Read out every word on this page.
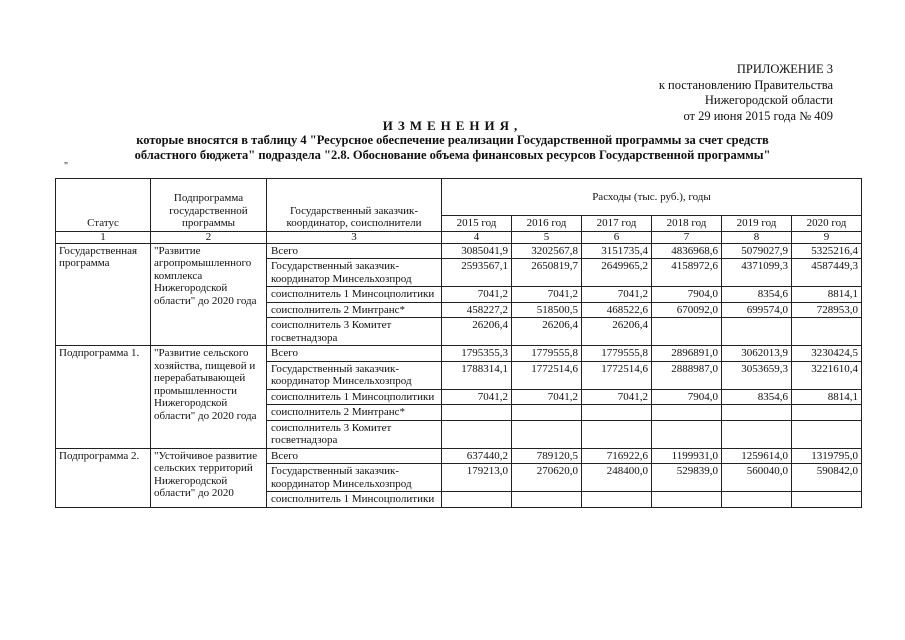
ПРИЛОЖЕНИЕ 3
к постановлению Правительства
Нижегородской области
от 29 июня 2015 года № 409
ИЗМЕНЕНИЯ,
которые вносятся в таблицу 4 "Ресурсное обеспечение реализации Государственной программы за счет средств
областного бюджета" подраздела "2.8. Обоснование объема финансовых ресурсов Государственной программы"
"
Статус	Подпрограмма государственной программы	Государственный заказчик-координатор, соисполнители	Расходы (тыс. руб.), годы					
			2015 год	2016 год	2017 год	2018 год	2019 год	2020 год
1	2	3	4	5	6	7	8	9
Государственная программа	"Развитие агропромышленного комплекса Нижегородской области" до 2020 года	Всего	3085041,9	3202567,8	3151735,4	4836968,6	5079027,9	5325216,4
		Государственный заказчик-координатор Минсельхозпрод	2593567,1	2650819,7	2649965,2	4158972,6	4371099,3	4587449,3
		соисполнитель 1 Минсоцполитики	7041,2	7041,2	7041,2	7904,0	8354,6	8814,1
		соисполнитель 2 Минтранс*	458227,2	518500,5	468522,6	670092,0	699574,0	728953,0
		соисполнитель 3 Комитет госветнадзора	26206,4	26206,4	26206,4			
Подпрограмма 1.	"Развитие сельского хозяйства, пищевой и перерабатывающей промышленности Нижегородской области" до 2020 года	Всего	1795355,3	1779555,8	1779555,8	2896891,0	3062013,9	3230424,5
		Государственный заказчик-координатор Минсельхозпрод	1788314,1	1772514,6	1772514,6	2888987,0	3053659,3	3221610,4
		соисполнитель 1 Минсоцполитики	7041,2	7041,2	7041,2	7904,0	8354,6	8814,1
		соисполнитель 2 Минтранс*						
		соисполнитель 3 Комитет госветнадзора						
Подпрограмма 2.	"Устойчивое развитие сельских территорий Нижегородской области" до 2020	Всего	637440,2	789120,5	716922,6	1199931,0	1259614,0	1319795,0
		Государственный заказчик-координатор Минсельхозпрод	179213,0	270620,0	248400,0	529839,0	560040,0	590842,0
		соисполнитель 1 Минсоцполитики						
